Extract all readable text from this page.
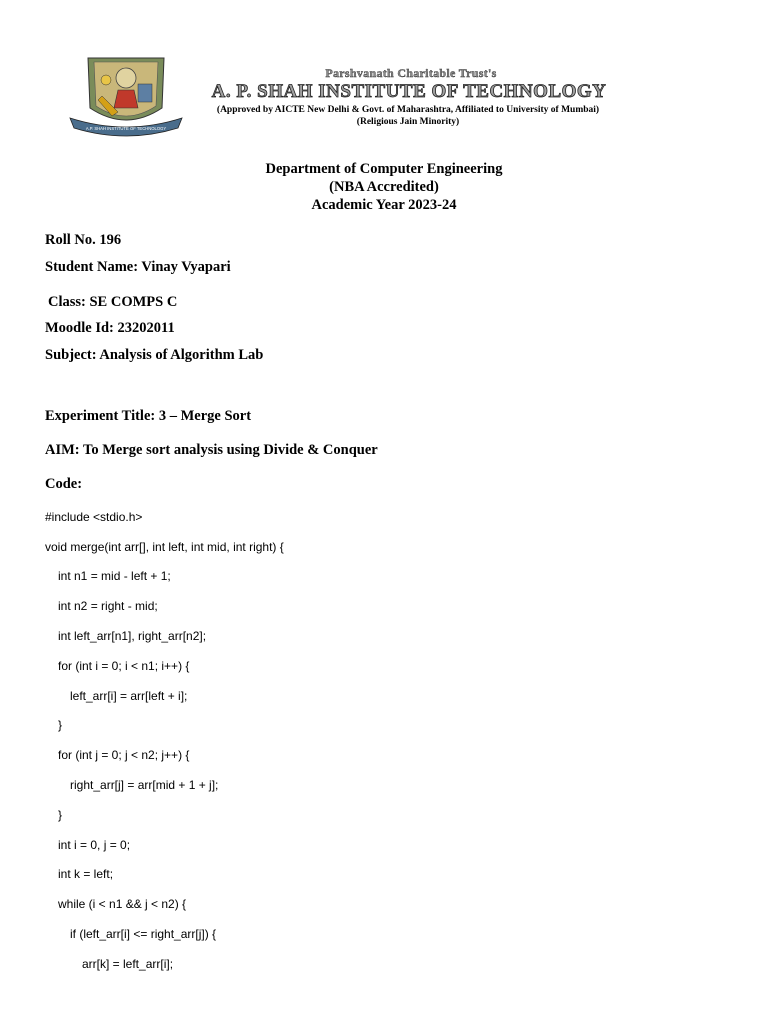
A.P. SHAH INSTITUTE OF TECHNOLOGY
Parshvanath Charitable Trust's
A. P. SHAH INSTITUTE OF TECHNOLOGY
(Approved by AICTE New Delhi & Govt. of Maharashtra, Affiliated to University of Mumbai)
(Religious Jain Minority)
Department of Computer Engineering
(NBA Accredited)
Academic Year 2023-24
Roll No. 196
Student Name: Vinay Vyapari
Class: SE COMPS C
Moodle Id: 23202011
Subject: Analysis of Algorithm Lab
Experiment Title: 3 – Merge Sort
AIM: To Merge sort analysis using Divide & Conquer
Code:
#include <stdio.h>
void merge(int arr[], int left, int mid, int right) {
int n1 = mid - left + 1;
int n2 = right - mid;
int left_arr[n1], right_arr[n2];
for (int i = 0; i < n1; i++) {
left_arr[i] = arr[left + i];
}
for (int j = 0; j < n2; j++) {
right_arr[j] = arr[mid + 1 + j];
}
int i = 0, j = 0;
int k = left;
while (i < n1 && j < n2) {
if (left_arr[i] <= right_arr[j]) {
arr[k] = left_arr[i];
